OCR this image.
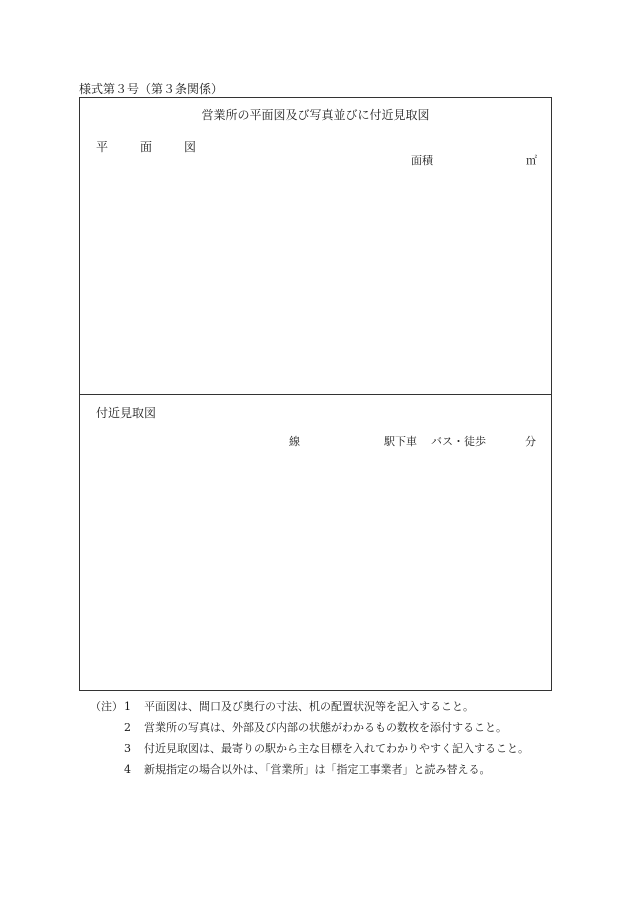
様式第３号（第３条関係）
営業所の平面図及び写真並びに付近見取図
平　面　図
面積	㎡
付近見取図
線	駅下車 バス・徒歩	分
（注） 1	平面図は、間口及び奥行の寸法、机の配置状況等を記入すること。
2	営業所の写真は、外部及び内部の状態がわかるもの数枚を添付すること。
3	付近見取図は、最寄りの駅から主な目標を入れてわかりやすく記入すること。
4	新規指定の場合以外は、「営業所」は「指定工事業者」と読み替える。
